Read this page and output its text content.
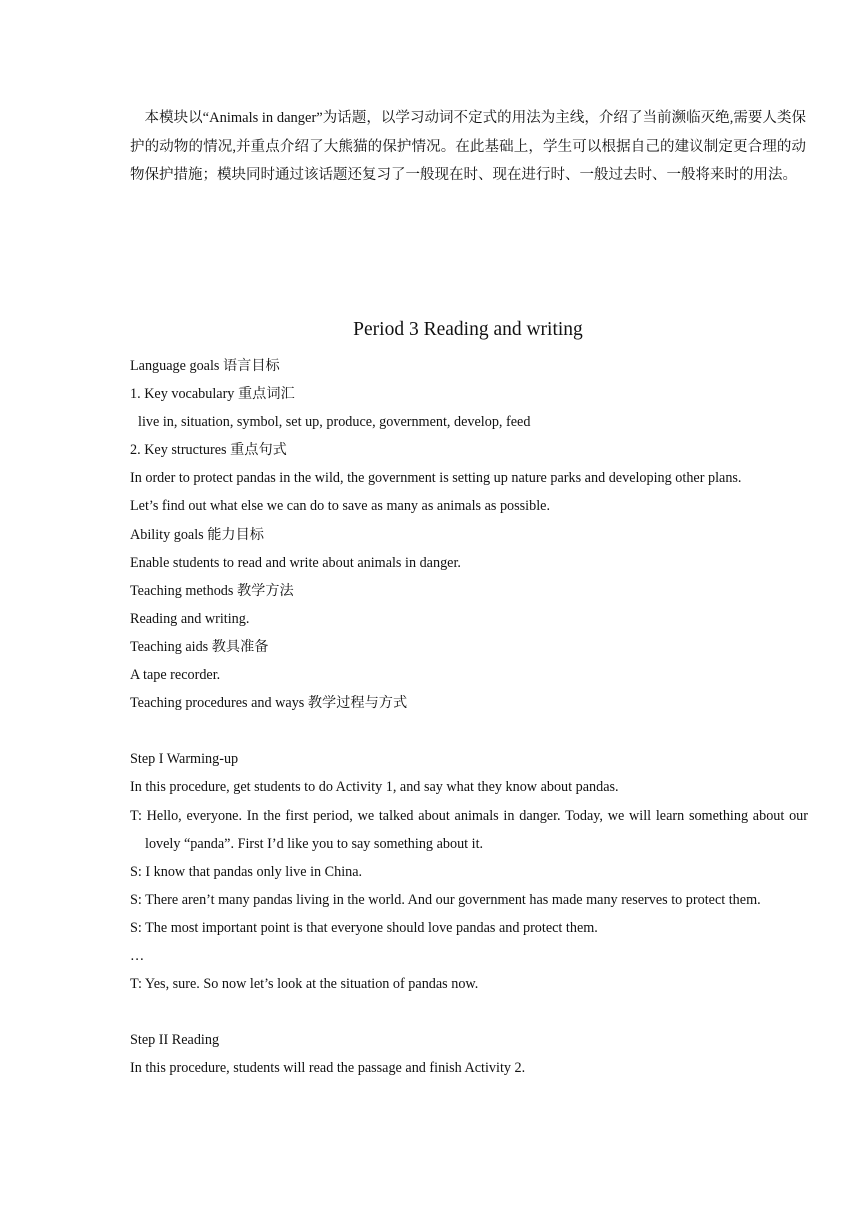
　本模块以“Animals in danger”为话题，以学习动词不定式的用法为主线，介绍了当前濒临灭绝,需要人类保护的动物的情况,并重点介绍了大熊猫的保护情况。在此基础上，学生可以根据自己的建议制定更合理的动物保护措施；模块同时通过该话题还复习了一般现在时、现在进行时、一般过去时、一般将来时的用法。

Period 3 Reading and writing
Language goals 语言目标
1. Key vocabulary 重点词汇
live in, situation, symbol, set up, produce, government, develop, feed
2. Key structures 重点句式
In order to protect pandas in the wild, the government is setting up nature parks and developing other plans.
Let’s find out what else we can do to save as many as animals as possible.
Ability goals 能力目标
Enable students to read and write about animals in danger.
Teaching methods 教学方法
Reading and writing.
Teaching aids 教具准备
A tape recorder.
Teaching procedures and ways 教学过程与方式
Step I Warming-up
In this procedure, get students to do Activity 1, and say what they know about pandas.
T: Hello, everyone. In the first period, we talked about animals in danger. Today, we will learn something about our lovely “panda”. First I’d like you to say something about it.
S: I know that pandas only live in China.
S: There aren’t many pandas living in the world. And our government has made many reserves to protect them.
S: The most important point is that everyone should love pandas and protect them.
…
T: Yes, sure. So now let’s look at the situation of pandas now.
Step II Reading
In this procedure, students will read the passage and finish Activity 2.
